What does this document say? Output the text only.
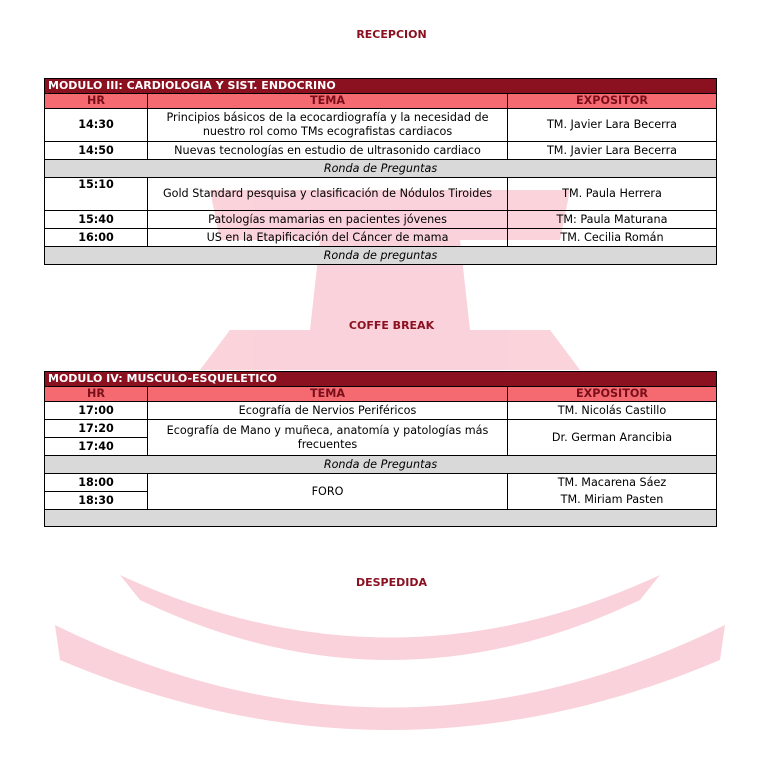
RECEPCION
MODULO III: CARDIOLOGIA Y SIST. ENDOCRINO		
HR	TEMA	EXPOSITOR
14:30	Principios básicos de la ecocardiografía y la necesidad de nuestro rol como TMs ecografistas cardiacos	TM. Javier Lara Becerra
14:50	Nuevas tecnologías en estudio de ultrasonido cardiaco	TM. Javier Lara Becerra
Ronda de Preguntas		
15:10	Gold Standard pesquisa y clasificación de Nódulos Tiroides	TM. Paula Herrera
15:40	Patologías mamarias en pacientes jóvenes	TM: Paula Maturana
16:00	US en la Etapificación del Cáncer de mama	TM. Cecilia Román
Ronda de preguntas		
COFFE BREAK
MODULO IV: MUSCULO-ESQUELETICO		
HR	TEMA	EXPOSITOR
17:00	Ecografía de Nervios Periféricos	TM. Nicolás Castillo
17:20	Ecografía de Mano y muñeca, anatomía y patologías más frecuentes	Dr. German Arancibia
17:40		
Ronda de Preguntas		
18:00	FORO	TM. Macarena Sáez
18:30		TM. Miriam Pasten

DESPEDIDA
